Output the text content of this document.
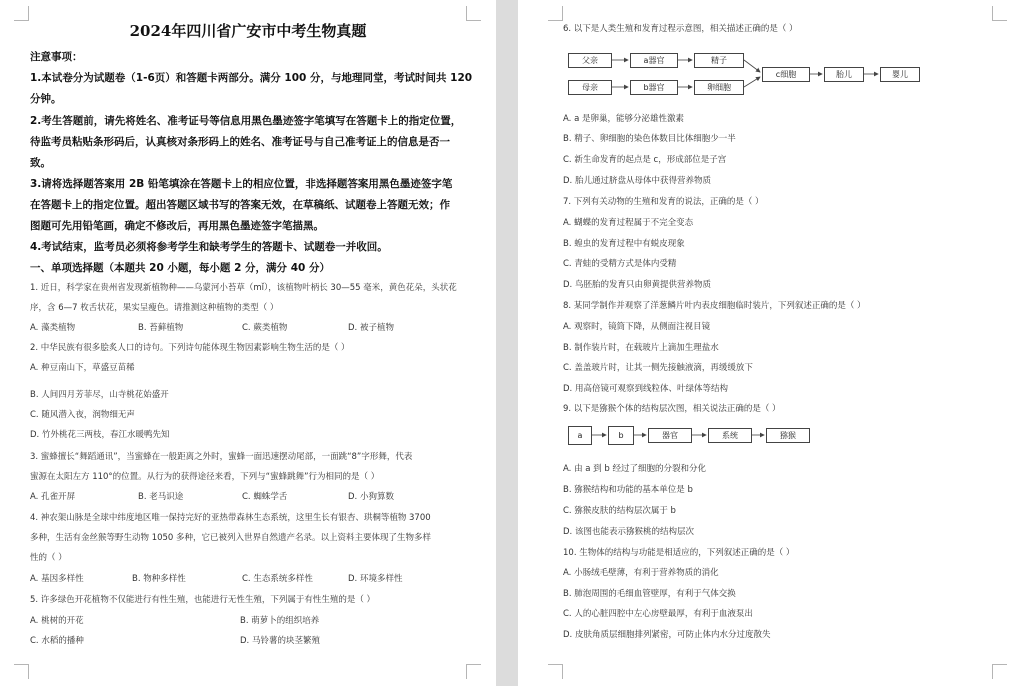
2024年四川省广安市中考生物真题
注意事项：
1.本试卷分为试题卷（1-6页）和答题卡两部分。满分 100 分，与地理同堂，考试时间共 120
分钟。
2.考生答题前，请先将姓名、准考证号等信息用黑色墨迹签字笔填写在答题卡上的指定位置，
待监考员粘贴条形码后，认真核对条形码上的姓名、准考证号与自己准考证上的信息是否一
致。
3.请将选择题答案用 2B 铅笔填涂在答题卡上的相应位置，非选择题答案用黑色墨迹签字笔
在答题卡上的指定位置。超出答题区域书写的答案无效，在草稿纸、试题卷上答题无效；作
图题可先用铅笔画，确定不修改后，再用黑色墨迹签字笔描黑。
4.考试结束，监考员必须将参考学生和缺考学生的答题卡、试题卷一并收回。
一、单项选择题（本题共 20 小题，每小题 2 分，满分 40 分）
1. 近日，科学家在贵州省发现新植物种——乌蒙河小苔草（mǐ），该植物叶柄长 30—55 毫米，黄色花朵，头状花
序，含 6—7 枚舌状花，果实呈瘦色。请推测这种植物的类型（ ）
A. 藻类植物	B. 苔藓植物	C. 蕨类植物	D. 被子植物
2. 中华民族有很多脍炙人口的诗句。下列诗句能体现生物因素影响生物生活的是（ ）
A. 种豆南山下，草盛豆苗稀
B. 人间四月芳菲尽，山寺桃花始盛开
C. 随风潜入夜，润物细无声
D. 竹外桃花三两枝，春江水暖鸭先知
3. 蜜蜂擅长“舞蹈通讯”，当蜜蜂在一般距离之外时，蜜蜂一面迅速摆动尾部，一面跳“8”字形舞，代表
蜜源在太阳左方 110°的位置。从行为的获得途径来看，下列与“蜜蜂跳舞”行为相同的是（ ）
A. 孔雀开屏	B. 老马识途	C. 蜘蛛学舌	D. 小狗算数
4. 神农架山脉是全球中纬度地区唯一保持完好的亚热带森林生态系统，这里生长有银杏、珙桐等植物 3700
多种，生活有金丝猴等野生动物 1050 多种，它已被列入世界自然遗产名录。以上资料主要体现了生物多样
性的（ ）
A. 基因多样性	B. 物种多样性	C. 生态系统多样性	D. 环境多样性
5. 许多绿色开花植物不仅能进行有性生殖，也能进行无性生殖，下列属于有性生殖的是（ ）
A. 桃树的开花	B. 萌萝卜的组织培养
C. 水稻的播种	D. 马铃薯的块茎繁殖
6. 以下是人类生殖和发育过程示意图，相关描述正确的是（ ）
父亲	a器官	精子
母亲	b器官	卵细胞
c细胞	胎儿	婴儿
A. a 是卵巢，能够分泌雄性激素
B. 精子、卵细胞的染色体数目比体细胞少一半
C. 新生命发育的起点是 c，形成部位是子宫
D. 胎儿通过脐盘从母体中获得营养物质
7. 下列有关动物的生殖和发育的说法，正确的是（ ）
A. 蝴蝶的发育过程属于不完全变态
B. 蝗虫的发育过程中有蜕皮现象
C. 青蛙的受精方式是体内受精
D. 鸟胚胎的发育只由卵黄提供营养物质
8. 某同学制作并观察了洋葱鳞片叶内表皮细胞临时装片，下列叙述正确的是（ ）
A. 观察时，镜筒下降，从侧面注视目镜
B. 制作装片时，在载玻片上滴加生理盐水
C. 盖盖玻片时，让其一侧先接触液滴，再缓缓放下
D. 用高倍镜可观察到线粒体、叶绿体等结构
9. 以下是猕猴个体的结构层次图，相关说法正确的是（ ）
a	b	器官	系统	猕猴
A. 由 a 到 b 经过了细胞的分裂和分化
B. 猕猴结构和功能的基本单位是 b
C. 猕猴皮肤的结构层次属于 b
D. 该图也能表示猕猴桃的结构层次
10. 生物体的结构与功能是相适应的，下列叙述正确的是（ ）
A. 小肠绒毛壁薄，有利于营养物质的消化
B. 肺泡周围的毛细血管壁厚，有利于气体交换
C. 人的心脏四腔中左心房壁最厚，有利于血液泵出
D. 皮肤角质层细胞排列紧密，可防止体内水分过度散失
